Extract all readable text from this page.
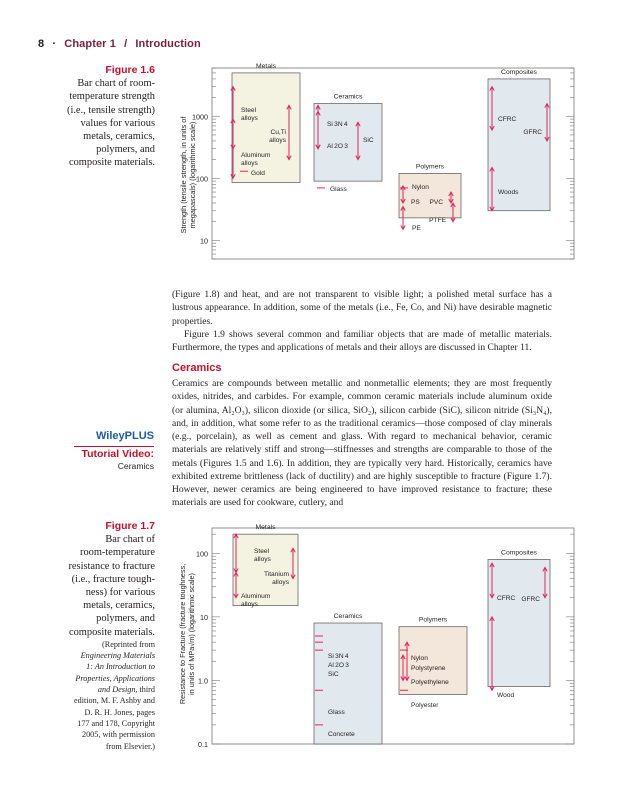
8 · Chapter 1 / Introduction
Figure 1.6
Bar chart of room-
temperature strength
(i.e., tensile strength)
values for various
metals, ceramics,
polymers, and
composite materials.	Strength (tensile strength, in units of megapascals) (logarithmic scale)
10
100
1000
Metals
Steel
alloys
Cu,Ti
alloys
Aluminum
alloys
Gold
Ceramics
Si 3N 4
Al 2O 3
SiC
Glass
Polymers
Nylon
PS PVC
PTFE
PE
Composites
CFRC
GFRC
Woods

(Figure 1.8) and heat, and are not transparent to visible light; a polished metal surface has a lustrous appearance. In addition, some of the metals (i.e., Fe, Co, and Ni) have desirable magnetic properties.

Figure 1.9 shows several common and familiar objects that are made of metallic materials. Furthermore, the types and applications of metals and their alloys are discussed in Chapter 11.

Ceramics

Ceramics are compounds between metallic and nonmetallic elements; they are most frequently oxides, nitrides, and carbides. For example, common ceramic materials include aluminum oxide (or alumina, Al₂O₃), silicon dioxide (or silica, SiO₂), silicon carbide (SiC), silicon nitride (Si₃N₄), and, in addition, what some refer to as the traditional ceramics—those composed of clay minerals (e.g., porcelain), as well as cement and glass. With regard to mechanical behavior, ceramic materials are relatively stiff and strong—stiffnesses and strengths are comparable to those of the metals (Figures 1.5 and 1.6). In addition, they are typically very hard. Historically, ceramics have exhibited extreme brittleness (lack of ductility) and are highly susceptible to fracture (Figure 1.7). However, newer ceramics are being engineered to have improved resistance to fracture; these materials are used for cookware, cutlery, and

WileyPLUS
Tutorial Video:
Ceramics
Figure 1.7
Bar chart of
room-temperature
resistance to fracture
(i.e., fracture tough-
ness) for various
metals, ceramics,
polymers, and
composite materials.
(Reprinted from
Engineering Materials
1: An Introduction to
Properties, Applications
and Design, third
edition, M. F. Ashby and
D. R. H. Jones, pages
177 and 178, Copyright
2005, with permission
from Elsevier.)
Resistance to Fracture (fracture toughness, in units of MPa√m) (logarithmic scale)
0.1
1.0
10
100
Metals
Steel
alloys
Titanium
alloys
Aluminum
alloys
Ceramics
Si 3N 4
Al 2O 3
SiC
Glass
Concrete
Polymers
Nylon
Polystyrene
Polyethylene
Polyester
Composites
CFRC GFRC
Wood
